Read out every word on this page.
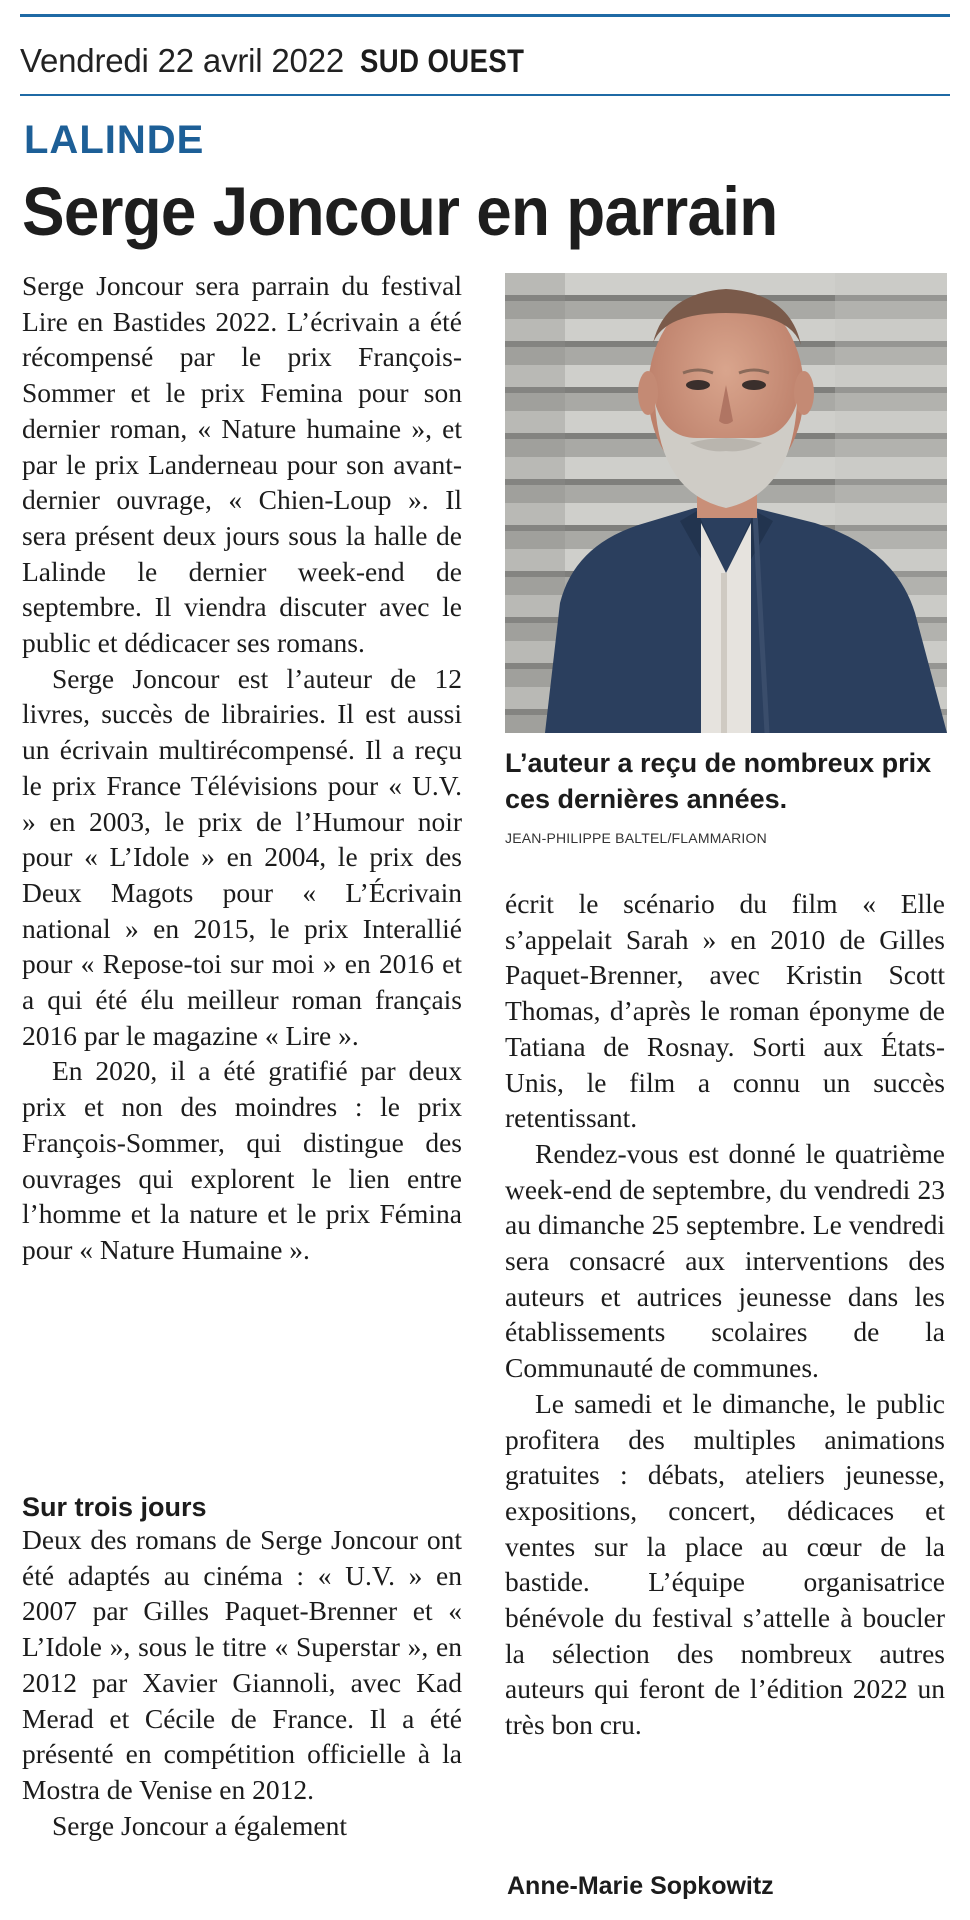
Vendredi 22 avril 2022 SUD OUEST
LALINDE
Serge Joncour en parrain

Serge Joncour sera parrain du festival Lire en Bastides 2022. L’écrivain a été récompensé par le prix François-Sommer et le prix Femina pour son dernier roman, « Nature humaine », et par le prix Landerneau pour son avant-dernier ouvrage, « Chien-Loup ». Il sera présent deux jours sous la halle de Lalinde le dernier week-end de septembre. Il viendra discuter avec le public et dédicacer ses romans.

Serge Joncour est l’auteur de 12 livres, succès de librairies. Il est aussi un écrivain multirécompensé. Il a reçu le prix France Télévisions pour « U.V. » en 2003, le prix de l’Humour noir pour « L’Idole » en 2004, le prix des Deux Magots pour « L’Écrivain national » en 2015, le prix Interallié pour « Repose-toi sur moi » en 2016 et a qui été élu meilleur roman français 2016 par le magazine « Lire ».

En 2020, il a été gratifié par deux prix et non des moindres : le prix François-Sommer, qui distingue des ouvrages qui explorent le lien entre l’homme et la nature et le prix Fémina pour « Nature Humaine ».

Sur trois jours

Deux des romans de Serge Joncour ont été adaptés au cinéma : « U.V. » en 2007 par Gilles Paquet-Brenner et « L’Idole », sous le titre « Superstar », en 2012 par Xavier Giannoli, avec Kad Merad et Cécile de France. Il a été présenté en compétition officielle à la Mostra de Venise en 2012.

Serge Joncour a également

L’auteur a reçu de nombreux prix ces dernières années.
JEAN-PHILIPPE BALTEL/FLAMMARION

écrit le scénario du film « Elle s’appelait Sarah » en 2010 de Gilles Paquet-Brenner, avec Kristin Scott Thomas, d’après le roman éponyme de Tatiana de Rosnay. Sorti aux États-Unis, le film a connu un succès retentissant.

Rendez-vous est donné le quatrième week-end de septembre, du vendredi 23 au dimanche 25 septembre. Le vendredi sera consacré aux interventions des auteurs et autrices jeunesse dans les établissements scolaires de la Communauté de communes.

Le samedi et le dimanche, le public profitera des multiples animations gratuites : débats, ateliers jeunesse, expositions, concert, dédicaces et ventes sur la place au cœur de la bastide. L’équipe organisatrice bénévole du festival s’attelle à boucler la sélection des nombreux autres auteurs qui feront de l’édition 2022 un très bon cru.

Anne-Marie Sopkowitz
